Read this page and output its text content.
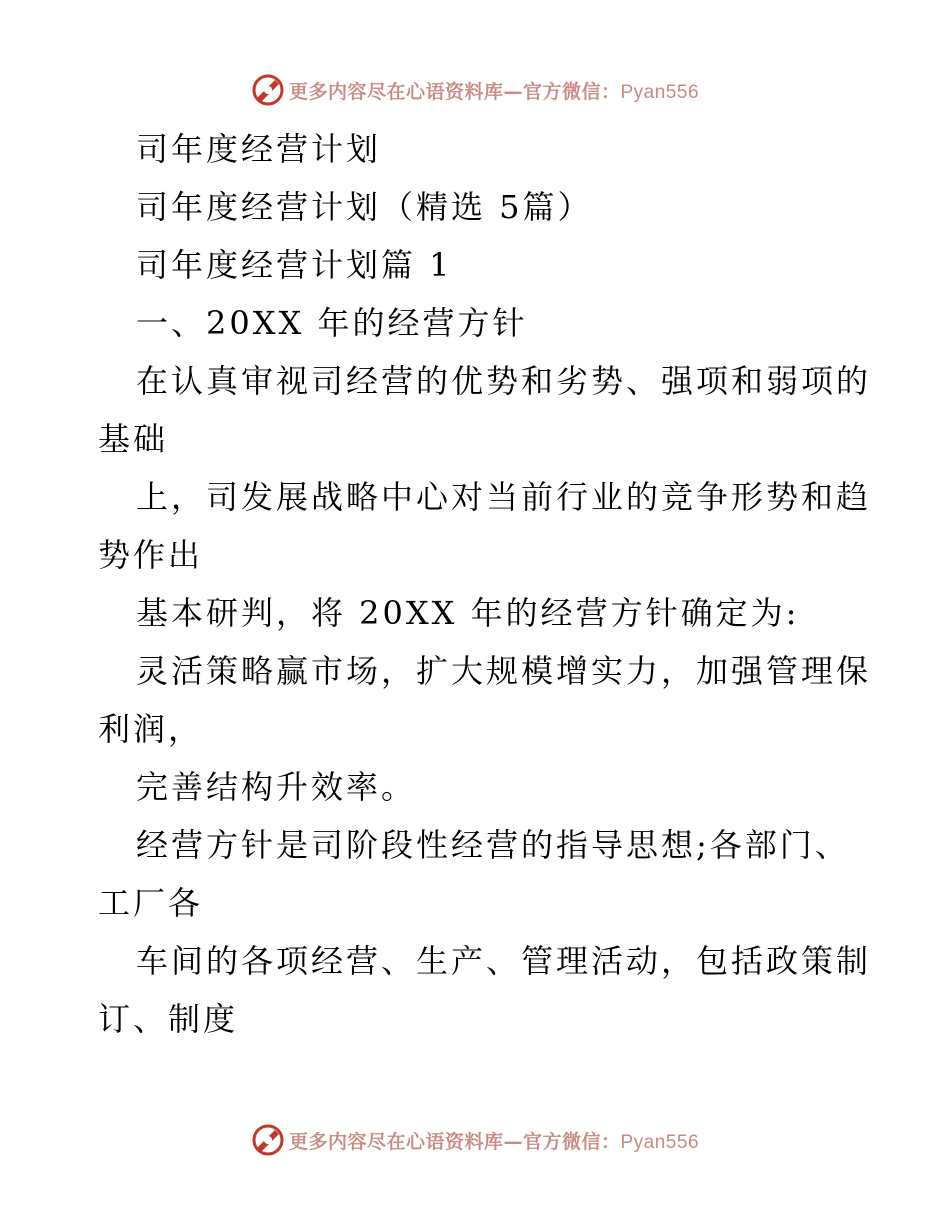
更多内容尽在心语资料库—官方微信：Pyan556
司年度经营计划
司年度经营计划（精选 5篇）
司年度经营计划篇 1
一、20XX 年的经营方针
在认真审视司经营的优势和劣势、强项和弱项的
基础
上，司发展战略中心对当前行业的竞争形势和趋
势作出
基本研判，将 20XX 年的经营方针确定为:
灵活策略赢市场，扩大规模增实力，加强管理保
利润，
完善结构升效率。
经营方针是司阶段性经营的指导思想;各部门、
工厂各
车间的各项经营、生产、管理活动，包括政策制
订、制度
更多内容尽在心语资料库—官方微信：Pyan556
